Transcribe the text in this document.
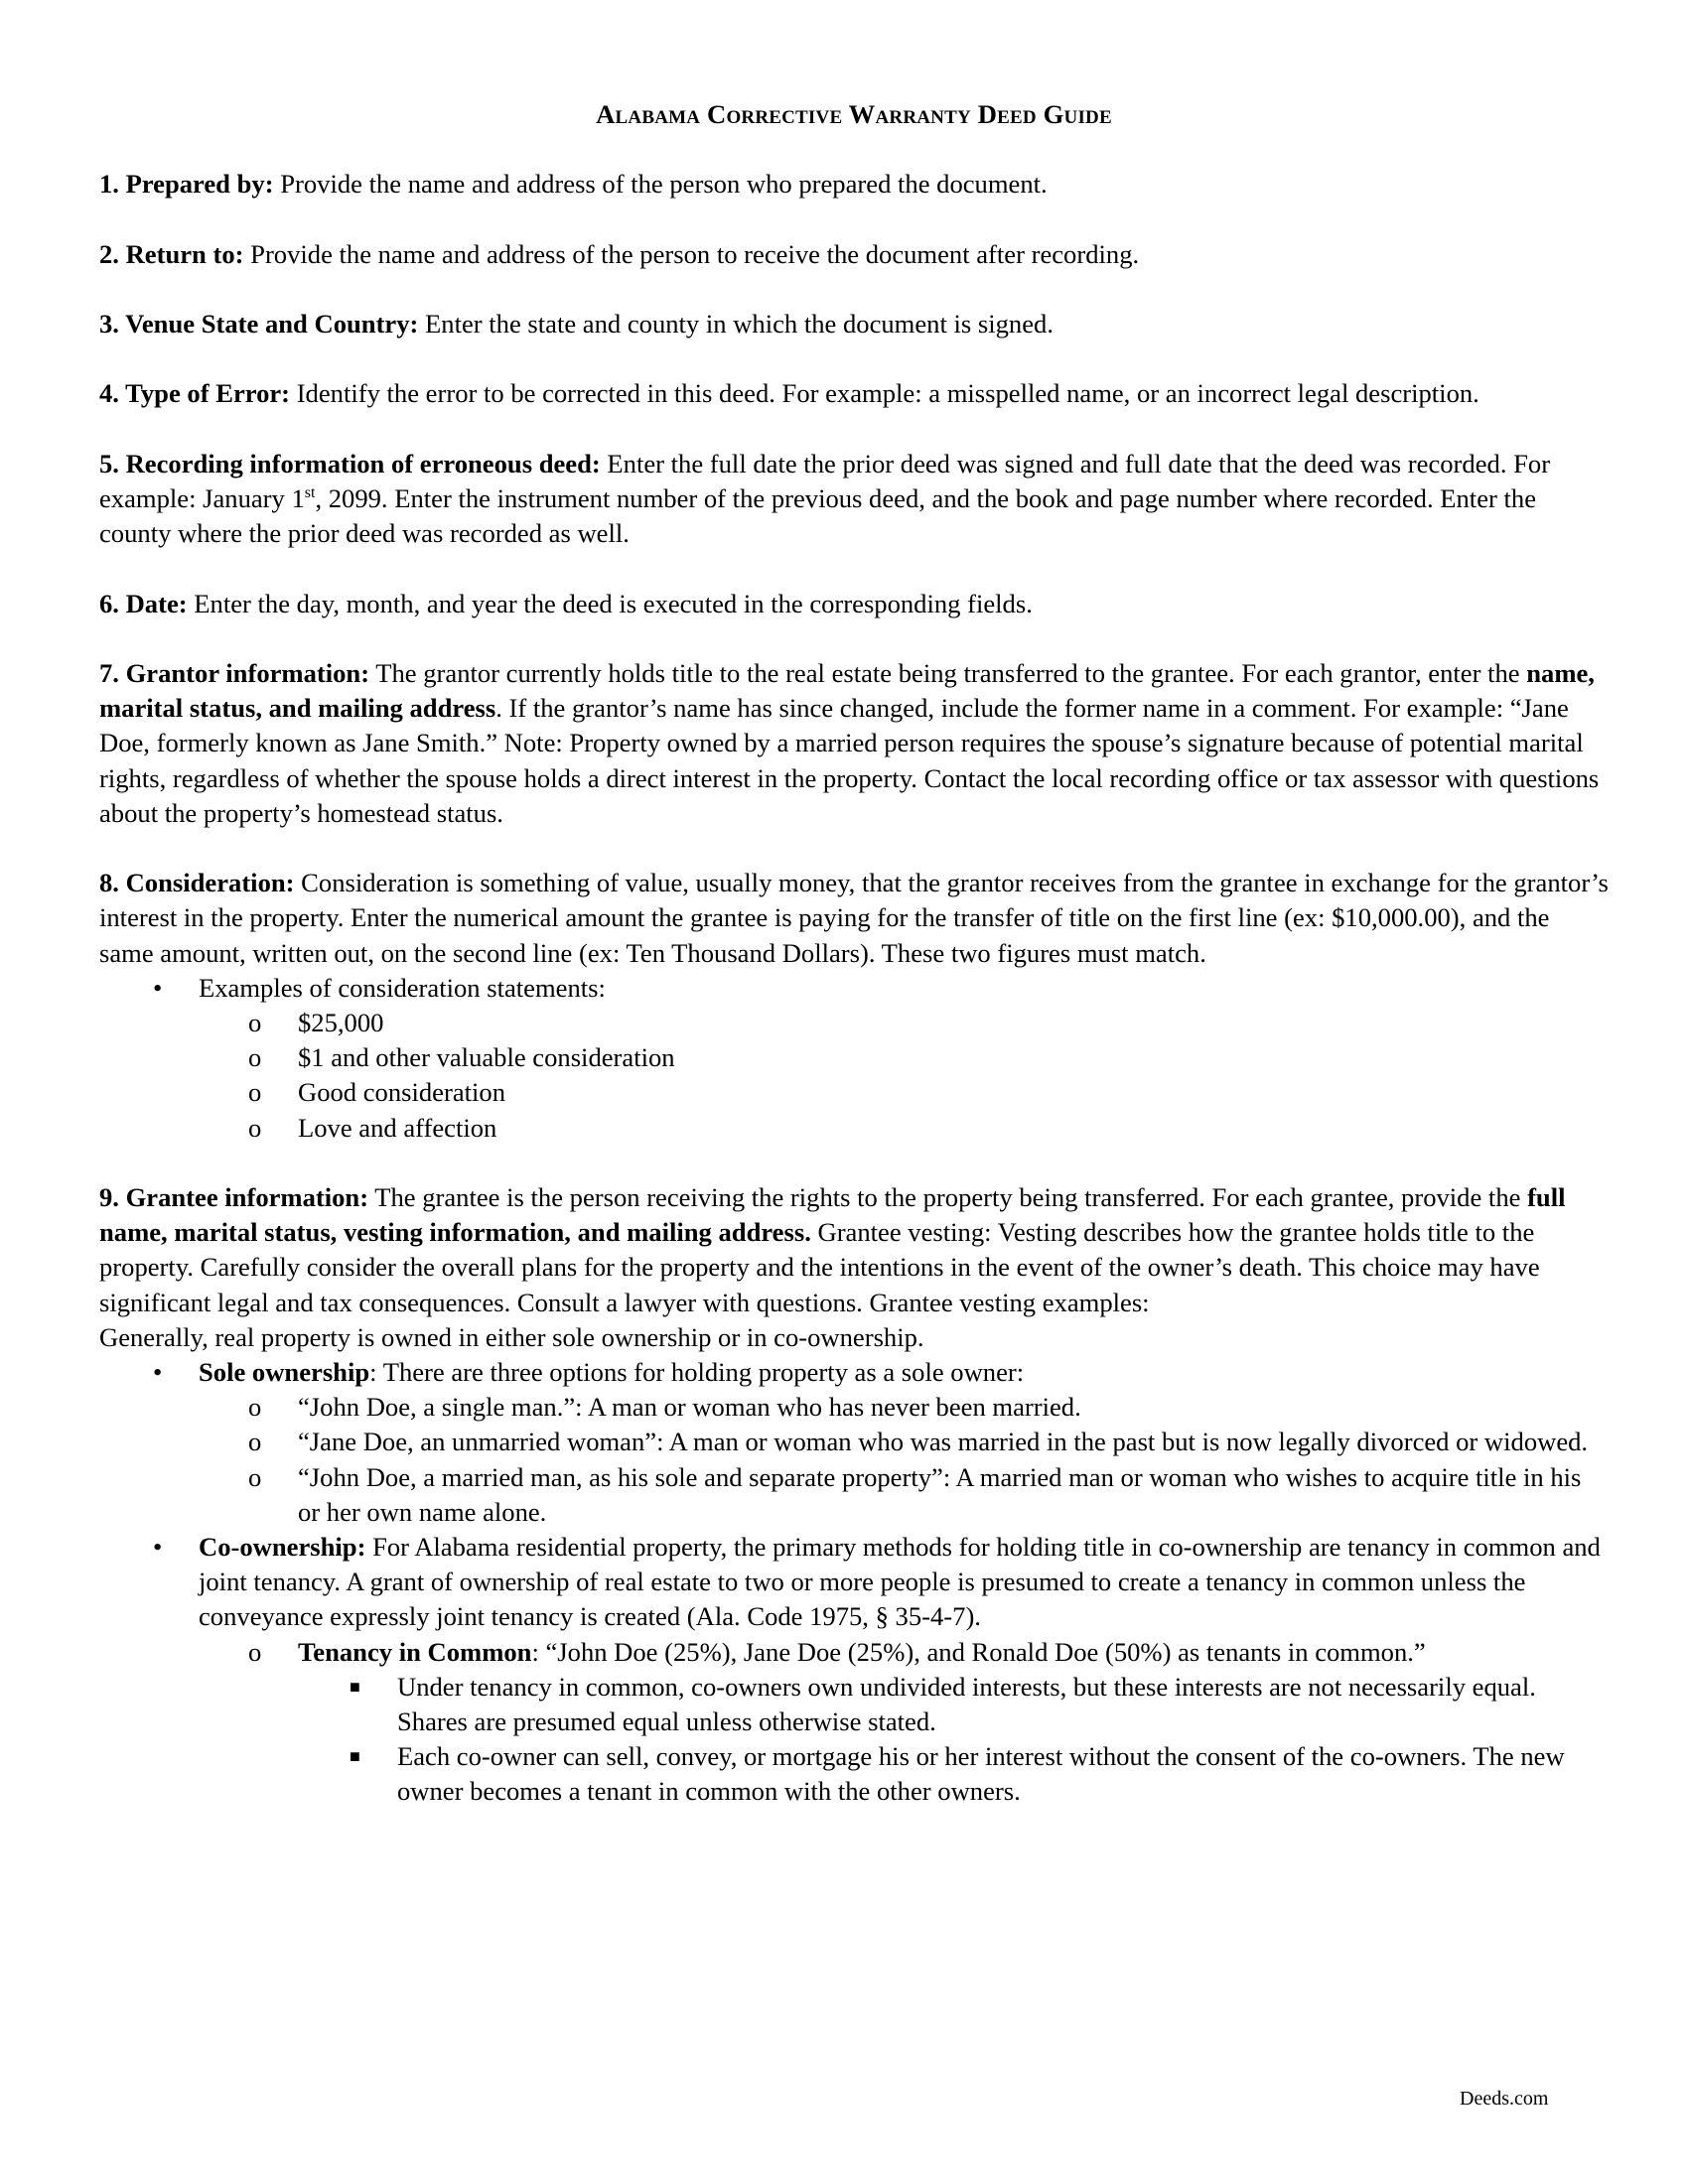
Alabama Corrective Warranty Deed Guide

1. Prepared by: Provide the name and address of the person who prepared the document.

2. Return to: Provide the name and address of the person to receive the document after recording.

3. Venue State and Country: Enter the state and county in which the document is signed.

4. Type of Error: Identify the error to be corrected in this deed. For example: a misspelled name, or an incorrect legal description.

5. Recording information of erroneous deed: Enter the full date the prior deed was signed and full date that the deed was recorded. For example: January 1st, 2099. Enter the instrument number of the previous deed, and the book and page number where recorded. Enter the county where the prior deed was recorded as well.

6. Date: Enter the day, month, and year the deed is executed in the corresponding fields.

7. Grantor information: The grantor currently holds title to the real estate being transferred to the grantee. For each grantor, enter the name, marital status, and mailing address. If the grantor’s name has since changed, include the former name in a comment. For example: “Jane Doe, formerly known as Jane Smith.” Note: Property owned by a married person requires the spouse’s signature because of potential marital rights, regardless of whether the spouse holds a direct interest in the property. Contact the local recording office or tax assessor with questions about the property’s homestead status.

8. Consideration: Consideration is something of value, usually money, that the grantor receives from the grantee in exchange for the grantor’s interest in the property. Enter the numerical amount the grantee is paying for the transfer of title on the first line (ex: $10,000.00), and the same amount, written out, on the second line (ex: Ten Thousand Dollars). These two figures must match.

• Examples of consideration statements:
o $25,000
o $1 and other valuable consideration
o Good consideration
o Love and affection

9. Grantee information: The grantee is the person receiving the rights to the property being transferred. For each grantee, provide the full name, marital status, vesting information, and mailing address. Grantee vesting: Vesting describes how the grantee holds title to the property. Carefully consider the overall plans for the property and the intentions in the event of the owner’s death. This choice may have significant legal and tax consequences. Consult a lawyer with questions. Grantee vesting examples:

Generally, real property is owned in either sole ownership or in co-ownership.

• Sole ownership: There are three options for holding property as a sole owner:
o “John Doe, a single man.”: A man or woman who has never been married.
o “Jane Doe, an unmarried woman”: A man or woman who was married in the past but is now legally divorced or widowed.
o “John Doe, a married man, as his sole and separate property”: A married man or woman who wishes to acquire title in his or her own name alone.
• Co-ownership: For Alabama residential property, the primary methods for holding title in co-ownership are tenancy in common and joint tenancy. A grant of ownership of real estate to two or more people is presumed to create a tenancy in common unless the conveyance expressly joint tenancy is created (Ala. Code 1975, § 35-4-7).
o Tenancy in Common: “John Doe (25%), Jane Doe (25%), and Ronald Doe (50%) as tenants in common.”
■ Under tenancy in common, co-owners own undivided interests, but these interests are not necessarily equal. Shares are presumed equal unless otherwise stated.
■ Each co-owner can sell, convey, or mortgage his or her interest without the consent of the co-owners. The new owner becomes a tenant in common with the other owners.
Deeds.com
